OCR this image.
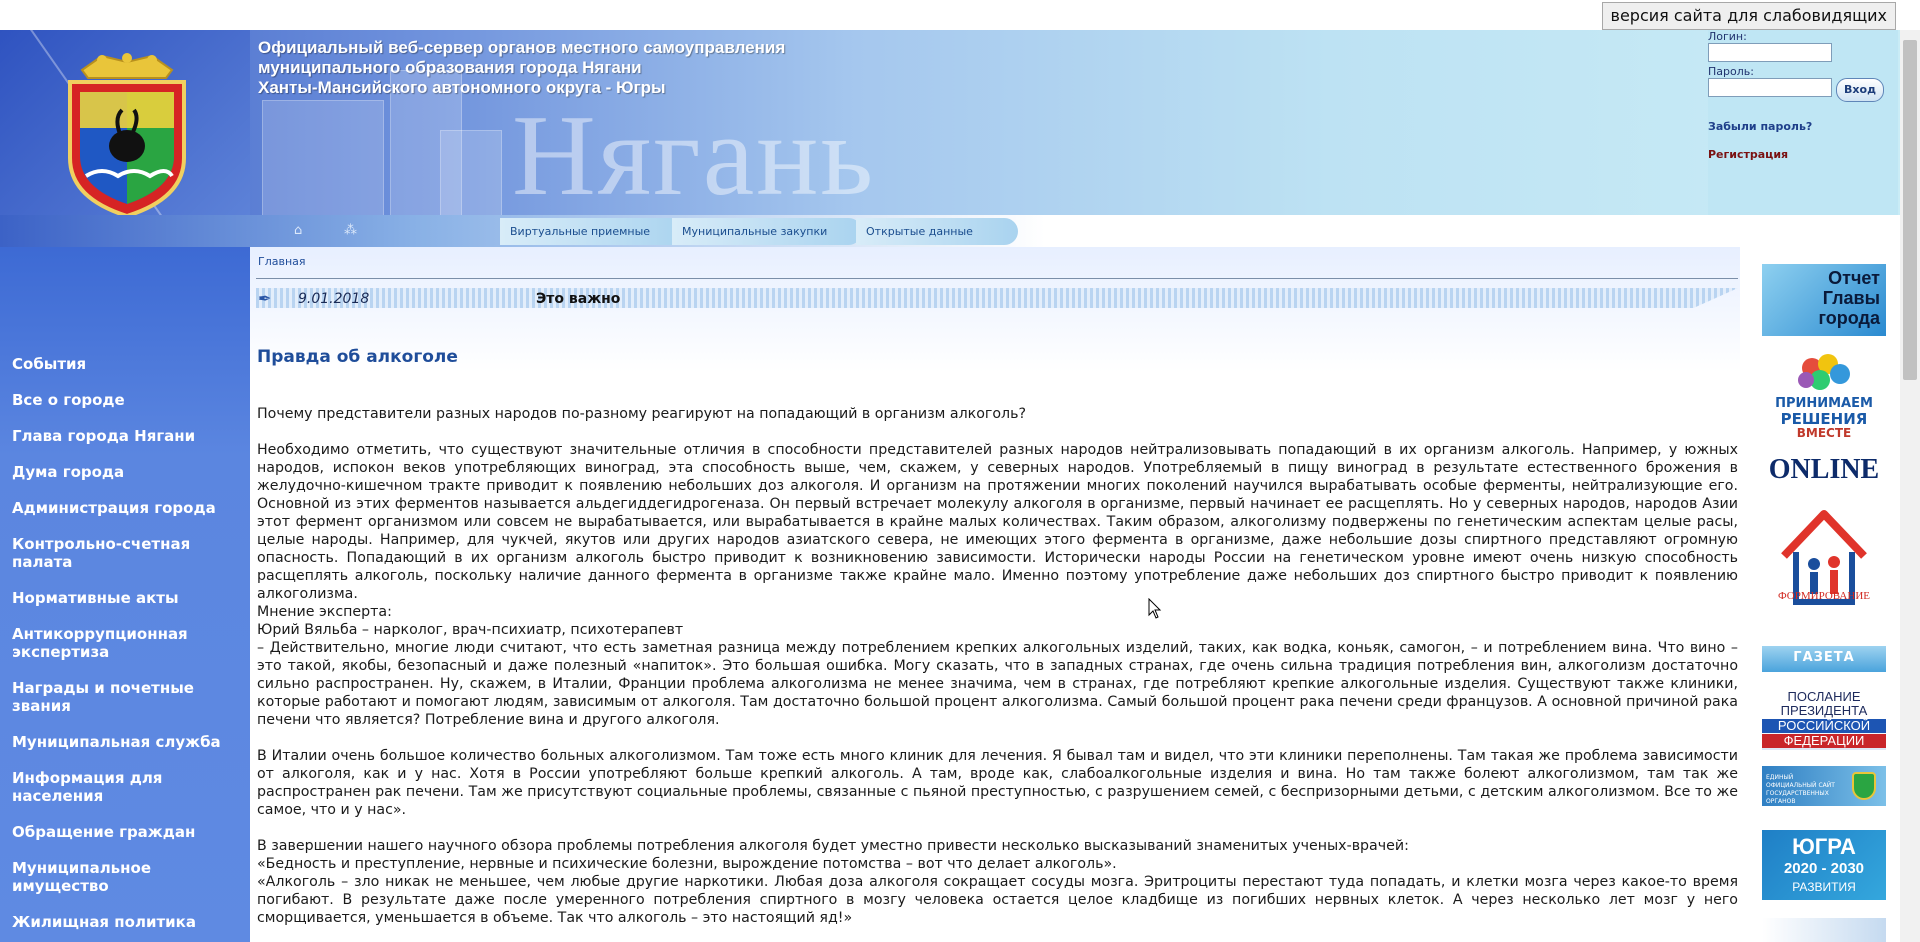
версия сайта для слабовидящих
Официальный веб-сервер органов местного самоуправления
муниципального образования города Нягани
Ханты-Мансийского автономного округа - Югры
Нягань
Логин:
Пароль:
Вход
Забыли пароль?
Регистрация
⌂	⁂	Виртуальные приемные	Муниципальные закупки	Открытые данные
События
Все о городе
Глава города Нягани
Дума города
Администрация города
Контрольно-счетная палата
Нормативные акты
Антикоррупционная экспертиза
Награды и почетные звания
Муниципальная служба
Информация для населения
Обращение граждан
Муниципальное имущество
Жилищная политика
Главная
✒ 9.01.2018	Это важно
Правда об алкоголе

Почему представители разных народов по-разному реагируют на попадающий в организм алкоголь?

Необходимо отметить, что существуют значительные отличия в способности представителей разных народов нейтрализовывать попадающий в их организм алкоголь. Например, у южных народов, испокон веков употребляющих виноград, эта способность выше, чем, скажем, у северных народов. Употребляемый в пищу виноград в результате естественного брожения в желудочно-кишечном тракте приводит к появлению небольших доз алкоголя. И организм на протяжении многих поколений научился вырабатывать особые ферменты, нейтрализующие его. Основной из этих ферментов называется альдегиддегидрогеназа. Он первый встречает молекулу алкоголя в организме, первый начинает ее расщеплять. Но у северных народов, народов Азии этот фермент организмом или совсем не вырабатывается, или вырабатывается в крайне малых количествах. Таким образом, алкоголизму подвержены по генетическим аспектам целые расы, целые народы. Например, для чукчей, якутов или других народов азиатского севера, не имеющих этого фермента в организме, даже небольшие дозы спиртного представляют огромную опасность. Попадающий в их организм алкоголь быстро приводит к возникновению зависимости. Исторически народы России на генетическом уровне имеют очень низкую способность расщеплять алкоголь, поскольку наличие данного фермента в организме также крайне мало. Именно поэтому употребление даже небольших доз спиртного быстро приводит к появлению алкоголизма.

Мнение эксперта:

Юрий Вяльба – нарколог, врач-психиатр, психотерапевт

– Действительно, многие люди считают, что есть заметная разница между потреблением крепких алкогольных изделий, таких, как водка, коньяк, самогон, – и потреблением вина. Что вино – это такой, якобы, безопасный и даже полезный «напиток». Это большая ошибка. Могу сказать, что в западных странах, где очень сильна традиция потребления вин, алкоголизм достаточно сильно распространен. Ну, скажем, в Италии, Франции проблема алкоголизма не менее значима, чем в странах, где потребляют крепкие алкогольные изделия. Существуют также клиники, которые работают и помогают людям, зависимым от алкоголя. Там достаточно большой процент алкоголизма. Самый большой процент рака печени среди французов. А основной причиной рака печени что является? Потребление вина и другого алкоголя.

В Италии очень большое количество больных алкоголизмом. Там тоже есть много клиник для лечения. Я бывал там и видел, что эти клиники переполнены. Там такая же проблема зависимости от алкоголя, как и у нас. Хотя в России употребляют больше крепкий алкоголь. А там, вроде как, слабоалкогольные изделия и вина. Но там также болеют алкоголизмом, там так же распространен рак печени. Там же присутствуют социальные проблемы, связанные с пьяной преступностью, с разрушением семей, с беспризорными детьми, с детским алкоголизмом. Все то же самое, что и у нас».

В завершении нашего научного обзора проблемы потребления алкоголя будет уместно привести несколько высказываний знаменитых ученых-врачей:

«Бедность и преступление, нервные и психические болезни, вырождение потомства – вот что делает алкоголь».

«Алкоголь – зло никак не меньшее, чем любые другие наркотики. Любая доза алкоголя сокращает сосуды мозга. Эритроциты перестают туда попадать, и клетки мозга через какое-то время погибают. В результате даже после умеренного потребления спиртного в мозгу человека остается целое кладбище из погибших нервных клеток. А через несколько лет мозг у него сморщивается, уменьшается в объеме. Так что алкоголь – это настоящий яд!»

Отчет Главы города
ПРИНИМАЕМ
РЕШЕНИЯ
ВМЕСТЕ
ONLINE
ФОРМИРОВАНИЕ
ГАЗЕТА
ПОСЛАНИЕ
ПРЕЗИДЕНТА
РОССИЙСКОЙ
ФЕДЕРАЦИИ
ЕДИНЫЙ ОФИЦИАЛЬНЫЙ САЙТ ГОСУДАРСТВЕННЫХ ОРГАНОВ
ЮГРА
2020 - 2030
РАЗВИТИЯ
